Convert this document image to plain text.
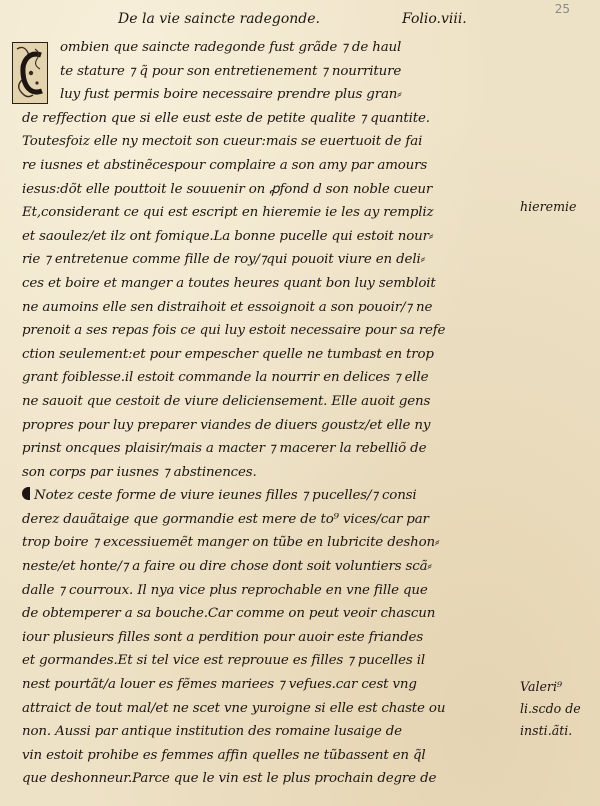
25
De la vie saincte radegonde.	Folio.viii.
ombien que saincte radegonde fust grãde ⁊ de haul
te stature ⁊ q̃ pour son entretienement ⁊ nourriture
luy fust permis boire necessaire prendre plus gran⸗
de reffection que si elle eust este de petite qualite ⁊ quantite.
Toutesfoiz elle ny mectoit son cueur:mais se euertuoit de fai
re iusnes et abstinẽcespour complaire a son amy par amours
iesus:dõt elle pouttoit le souuenir on ꝓfond d son noble cueur
Et,considerant ce qui est escript en hieremie ie les ay rempliz
et saoulez/et ilz ont fomique.La bonne pucelle qui estoit nour⸗
rie ⁊ entretenue comme fille de roy/⁊qui pouoit viure en deli⸗
ces et boire et manger a toutes heures quant bon luy sembloit
ne aumoins elle sen distraihoit et essoignoit a son pouoir/⁊ ne
prenoit a ses repas fois ce qui luy estoit necessaire pour sa refe
ction seulement:et pour empescher quelle ne tumbast en trop
grant foiblesse.il estoit commande la nourrir en delices ⁊ elle
ne sauoit que cestoit de viure deliciensement. Elle auoit gens
propres pour luy preparer viandes de diuers goustz/et elle ny
prinst oncques plaisir/mais a macter ⁊ macerer la rebelliõ de
son corps par iusnes ⁊ abstinences.
Notez ceste forme de viure ieunes filles ⁊ pucelles/⁊ consi
derez dauãtaige que gormandie est mere de to⁹ vices/car par
trop boire ⁊ excessiuemẽt manger on tũbe en lubricite deshon⸗
neste/et honte/⁊ a faire ou dire chose dont soit voluntiers scã⸗
dalle ⁊ courroux. Il nya vice plus reprochable en vne fille que
de obtemperer a sa bouche.Car comme on peut veoir chascun
iour plusieurs filles sont a perdition pour auoir este friandes
et gormandes.Et si tel vice est reprouue es filles ⁊ pucelles il
nest pourtãt/a louer es fẽmes mariees ⁊ vefues.car cest vng
attraict de tout mal/et ne scet vne yuroigne si elle est chaste ou
non. Aussi par antique institution des romaine lusaige de
vin estoit prohibe es femmes affin quelles ne tũbassent en q̃l
que deshonneur.Parce que le vin est le plus prochain degre de
hieremie
Valeri⁹
li.scdo de
insti.ãti.
